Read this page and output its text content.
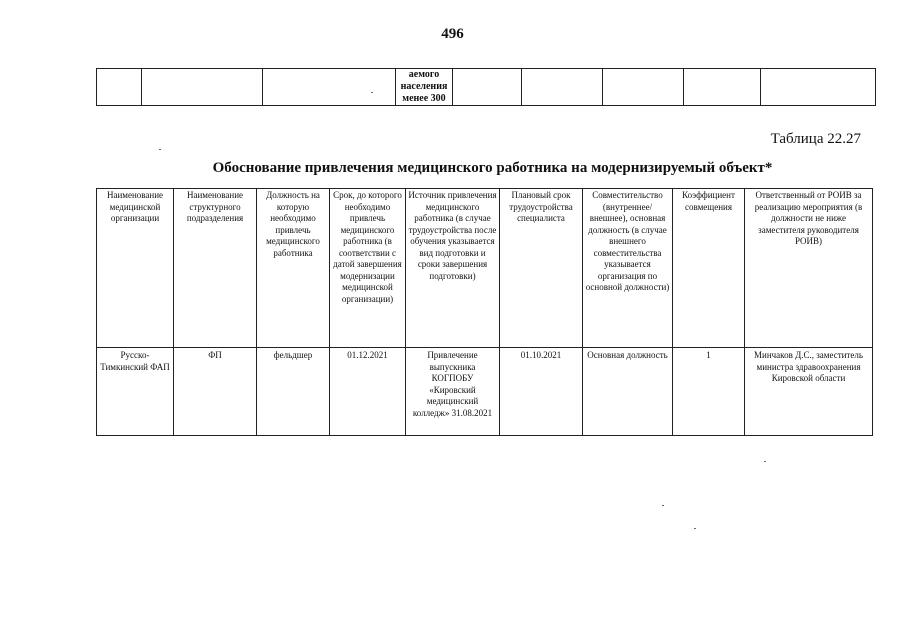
496

аемого
населения
менее 300

Таблица 22.27
Обоснование привлечения медицинского работника на модернизируемый объект*
Наименование медицинской организации	Наименование структурного подразделения	Должность на которую необходимо привлечь медицинского работника	Срок, до которого необходимо привлечь медицинского работника (в соответствии с датой завершения модернизации медицинской организации)	Источник привлечения медицинского работника (в случае трудоустройства после обучения указывается вид подготовки и сроки завершения подготовки)	Плановый срок трудоустройства специалиста	Совместительство (внутреннее/внешнее), основная должность (в случае внешнего совместительства указывается организация по основной должности)	Коэффициент совмещения	Ответственный от РОИВ за реализацию мероприятия (в должности не ниже заместителя руководителя РОИВ)

Русско-Тимкинский ФАП	ФП	фельдшер	01.12.2021	Привлечение выпускника КОГПОБУ «Кировский медицинский колледж» 31.08.2021	01.10.2021	Основная должность	1	Минчаков Д.С., заместитель министра здравоохранения Кировской области
